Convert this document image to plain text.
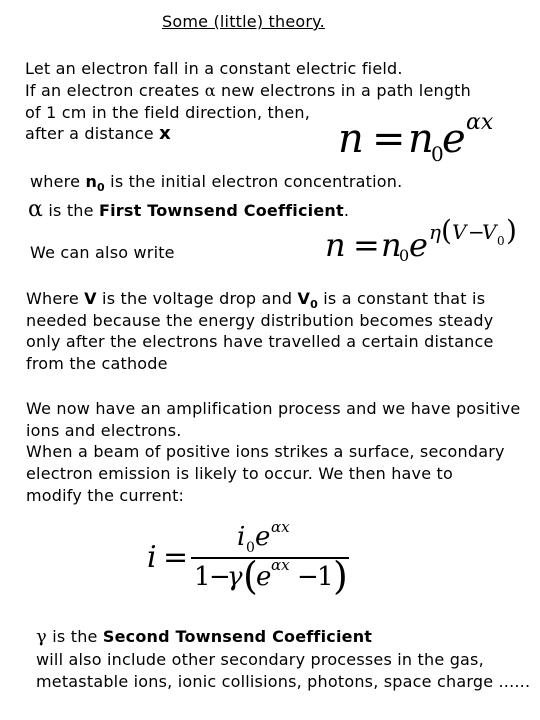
Some (little) theory.
Let an electron fall in a constant electric field.
If an electron creates α new electrons in a path length
of 1 cm in the field direction, then,
after a distance x	n = n
0
e αx
where $n_0$ is the initial electron concentration.
α is the First Townsend Coefficient.
We can also write	n = n
0 e η ( V −
V 0 )
Where V is the voltage drop and $V_0$ is a constant that is
needed because the energy distribution becomes steady
only after the electrons have travelled a certain distance
from the cathode
We now have an amplification process and we have positive
ions and electrons.
When a beam of positive ions strikes a surface, secondary
electron emission is likely to occur. We then have to
modify the current:
i =
i 0 e αx
1
−
γ (
e αx −
1 )
γ is the Second Townsend Coefficient
will also include other secondary processes in the gas,
metastable ions, ionic collisions, photons, space charge ......
